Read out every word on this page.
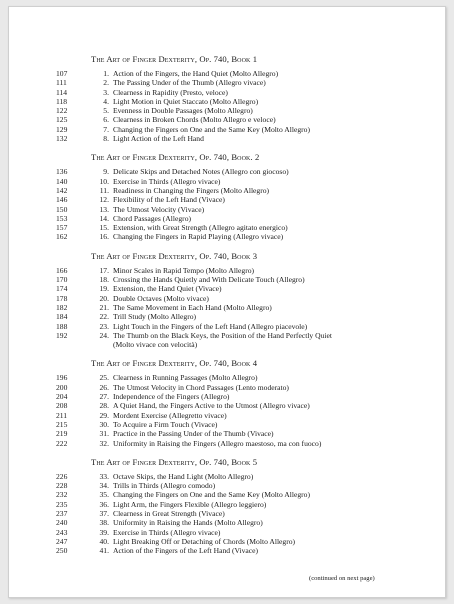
The Art of Finger Dexterity, Op. 740, Book 1
107	1. Action of the Fingers, the Hand Quiet (Molto Allegro)
111	2. The Passing Under of the Thumb (Allegro vivace)
114	3. Clearness in Rapidity (Presto, veloce)
118	4. Light Motion in Quiet Staccato (Molto Allegro)
122	5. Evenness in Double Passages (Molto Allegro)
125	6. Clearness in Broken Chords (Molto Allegro e veloce)
129	7. Changing the Fingers on One and the Same Key (Molto Allegro)
132	8. Light Action of the Left Hand
The Art of Finger Dexterity, Op. 740, Book. 2
136	9. Delicate Skips and Detached Notes (Allegro con giocoso)
140	10. Exercise in Thirds (Allegro vivace)
142	11. Readiness in Changing the Fingers (Molto Allegro)
146	12. Flexibility of the Left Hand (Vivace)
150	13. The Utmost Velocity (Vivace)
153	14. Chord Passages (Allegro)
157	15. Extension, with Great Strength (Allegro agitato energico)
162	16. Changing the Fingers in Rapid Playing (Allegro vivace)
The Art of Finger Dexterity, Op. 740, Book 3
166	17. Minor Scales in Rapid Tempo (Molto Allegro)
170	18. Crossing the Hands Quietly and With Delicate Touch (Allegro)
174	19. Extension, the Hand Quiet (Vivace)
178	20. Double Octaves (Molto vivace)
182	21. The Same Movement in Each Hand (Molto Allegro)
184	22. Trill Study (Molto Allegro)
188	23. Light Touch in the Fingers of the Left Hand (Allegro piacevole)
192	24. The Thumb on the Black Keys, the Position of the Hand Perfectly Quiet
(Molto vivace con velocità)
The Art of Finger Dexterity, Op. 740, Book 4
196	25. Clearness in Running Passages (Molto Allegro)
200	26. The Utmost Velocity in Chord Passages (Lento moderato)
204	27. Independence of the Fingers (Allegro)
208	28. A Quiet Hand, the Fingers Active to the Utmost (Allegro vivace)
211	29. Mordent Exercise (Allegretto vivace)
215	30. To Acquire a Firm Touch (Vivace)
219	31. Practice in the Passing Under of the Thumb (Vivace)
222	32. Uniformity in Raising the Fingers (Allegro maestoso, ma con fuoco)
The Art of Finger Dexterity, Op. 740, Book 5
226	33. Octave Skips, the Hand Light (Molto Allegro)
228	34. Trills in Thirds (Allegro comodo)
232	35. Changing the Fingers on One and the Same Key (Molto Allegro)
235	36. Light Arm, the Fingers Flexible (Allegro leggiero)
237	37. Clearness in Great Strength (Vivace)
240	38. Uniformity in Raising the Hands (Molto Allegro)
243	39. Exercise in Thirds (Allegro vivace)
247	40. Light Breaking Off or Detaching of Chords (Molto Allegro)
250	41. Action of the Fingers of the Left Hand (Vivace)
(continued on next page)
